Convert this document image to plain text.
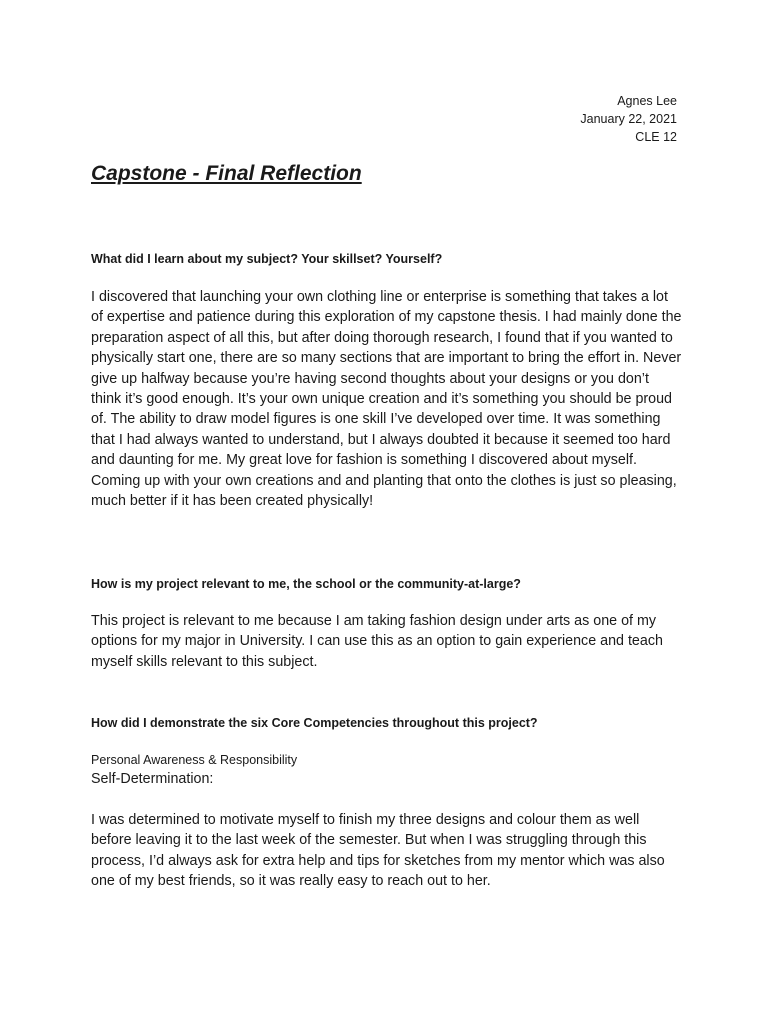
Agnes Lee
January 22, 2021
CLE 12
Capstone - Final Reflection

What did I learn about my subject? Your skillset? Yourself?

I discovered that launching your own clothing line or enterprise is something that takes a lot of expertise and patience during this exploration of my capstone thesis. I had mainly done the preparation aspect of all this, but after doing thorough research, I found that if you wanted to physically start one, there are so many sections that are important to bring the effort in. Never give up halfway because you’re having second thoughts about your designs or you don’t think it’s good enough. It’s your own unique creation and it’s something you should be proud of. The ability to draw model figures is one skill I’ve developed over time. It was something that I had always wanted to understand, but I always doubted it because it seemed too hard and daunting for me. My great love for fashion is something I discovered about myself. Coming up with your own creations and and planting that onto the clothes is just so pleasing, much better if it has been created physically!

How is my project relevant to me, the school or the community-at-large?

This project is relevant to me because I am taking fashion design under arts as one of my options for my major in University. I can use this as an option to gain experience and teach myself skills relevant to this subject.

How did I demonstrate the six Core Competencies throughout this project?

Personal Awareness & Responsibility

Self-Determination:

I was determined to motivate myself to finish my three designs and colour them as well before leaving it to the last week of the semester. But when I was struggling through this process, I’d always ask for extra help and tips for sketches from my mentor which was also one of my best friends, so it was really easy to reach out to her.
